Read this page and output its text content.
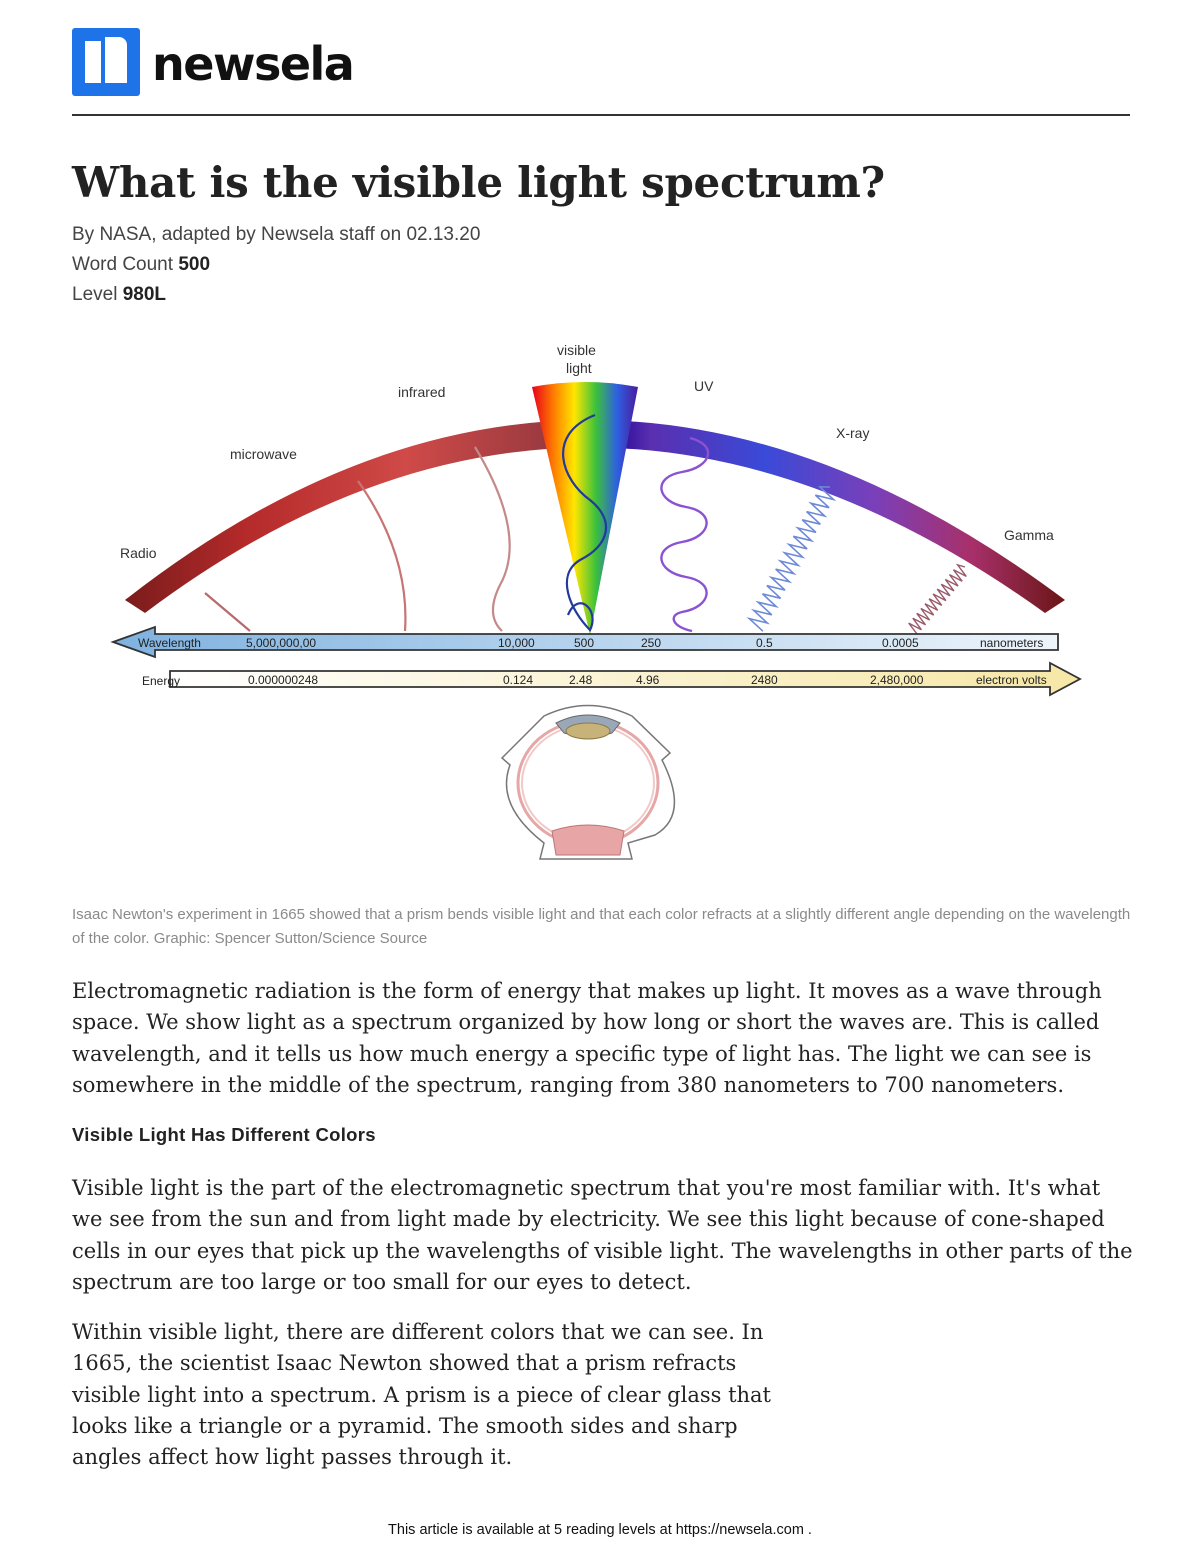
newsela
What is the visible light spectrum?
By NASA, adapted by Newsela staff on 02.13.20
Word Count 500
Level 980L
Radio
microwave
infrared
visible
light
UV
X-ray
Gamma
Wavelength	5,000,000,00	10,000	500	250	0.5	0.0005	nanometers
Energy	0.000000248	0.124	2.48	4.96	2480	2,480,000	electron volts
Isaac Newton's experiment in 1665 showed that a prism bends visible light and that each color refracts at a slightly different angle depending on the wavelength of the color. Graphic: Spencer Sutton/Science Source

Electromagnetic radiation is the form of energy that makes up light. It moves as a wave through space. We show light as a spectrum organized by how long or short the waves are. This is called wavelength, and it tells us how much energy a specific type of light has. The light we can see is somewhere in the middle of the spectrum, ranging from 380 nanometers to 700 nanometers.

Visible Light Has Different Colors

Visible light is the part of the electromagnetic spectrum that you're most familiar with. It's what we see from the sun and from light made by electricity. We see this light because of cone-shaped cells in our eyes that pick up the wavelengths of visible light. The wavelengths in other parts of the spectrum are too large or too small for our eyes to detect.

Within visible light, there are different colors that we can see. In 1665, the scientist Isaac Newton showed that a prism refracts visible light into a spectrum. A prism is a piece of clear glass that looks like a triangle or a pyramid. The smooth sides and sharp angles affect how light passes through it.

This article is available at 5 reading levels at https://newsela.com .
